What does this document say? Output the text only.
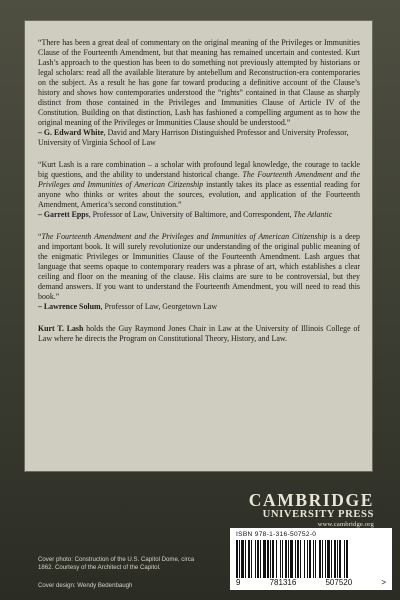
“There has been a great deal of commentary on the original meaning of the Privileges or Immunities Clause of the Fourteenth Amendment, but that meaning has remained uncertain and contested. Kurt Lash’s approach to the question has been to do something not previously attempted by historians or legal scholars: read all the available literature by antebellum and Reconstruction-era contemporaries on the subject. As a result he has gone far toward producing a definitive account of the Clause’s history and shows how contemporaries understood the “rights” contained in that Clause as sharply distinct from those contained in the Privileges and Immunities Clause of Article IV of the Constitution. Building on that distinction, Lash has fashioned a compelling argument as to how the original meaning of the Privileges or Immunities Clause should be understood.”

– G. Edward White, David and Mary Harrison Distinguished Professor and University Professor, University of Virginia School of Law

“Kurt Lash is a rare combination – a scholar with profound legal knowledge, the courage to tackle big questions, and the ability to understand historical change. The Fourteenth Amendment and the Privileges and Immunities of American Citizenship instantly takes its place as essential reading for anyone who thinks or writes about the sources, evolution, and application of the Fourteenth Amendment, America’s second constitution.”

– Garrett Epps, Professor of Law, University of Baltimore, and Correspondent, The Atlantic

“The Fourteenth Amendment and the Privileges and Immunities of American Citizenship is a deep and important book. It will surely revolutionize our understanding of the original public meaning of the enigmatic Privileges or Immunities Clause of the Fourteenth Amendment. Lash argues that language that seems opaque to contemporary readers was a phrase of art, which establishes a clear ceiling and floor on the meaning of the clause. His claims are sure to be controversial, but they demand answers. If you want to understand the Fourteenth Amendment, you will need to read this book.”

– Lawrence Solum, Professor of Law, Georgetown Law

Kurt T. Lash holds the Guy Raymond Jones Chair in Law at the University of Illinois College of Law where he directs the Program on Constitutional Theory, History, and Law.
CAMBRIDGE
UNIVERSITY PRESS
www.cambridge.org
ISBN 978-1-316-50752-0
9	781316	507520	>
Cover photo: Construction of the U.S. Capitol Dome, circa 1862. Courtesy of the Architect of the Capitol.
Cover design: Wendy Bedenbaugh
